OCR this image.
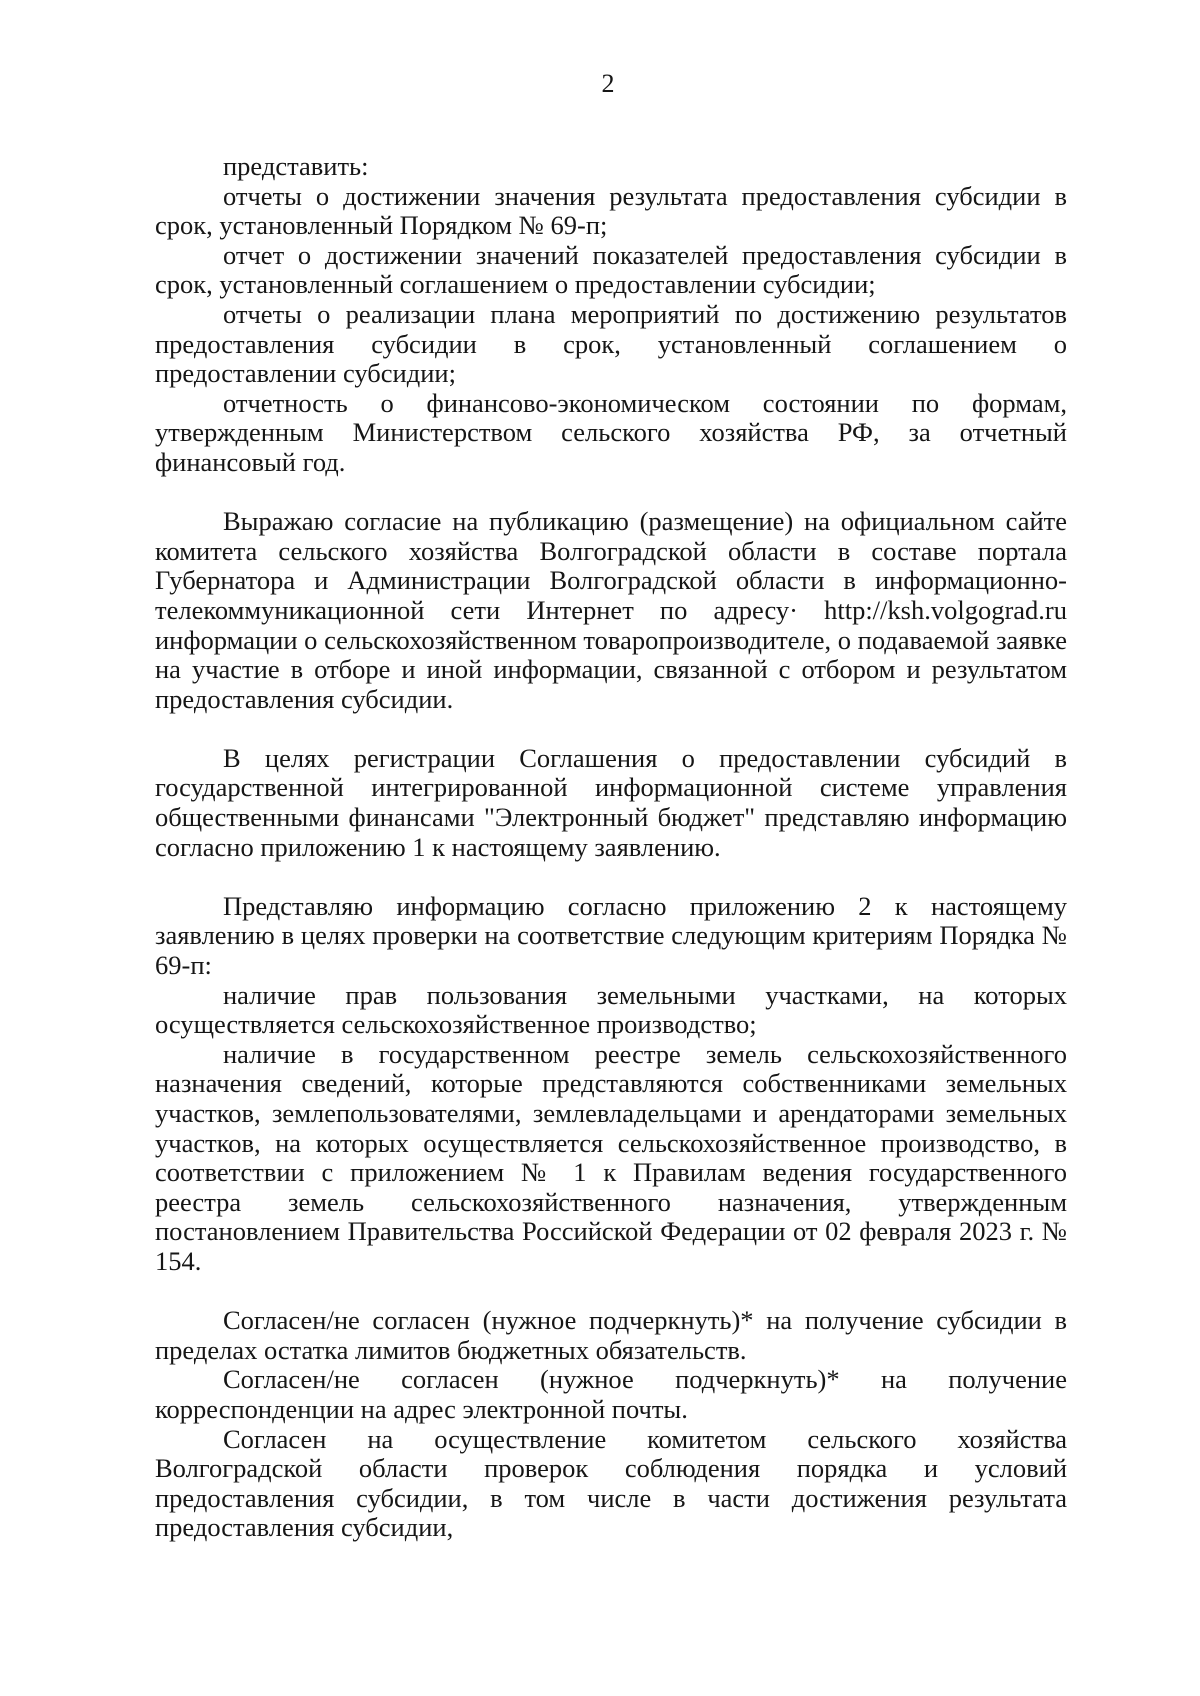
2

представить:

отчеты о достижении значения результата предоставления субсидии в срок, установленный Порядком № 69-п;

отчет о достижении значений показателей предоставления субсидии в срок, установленный соглашением о предоставлении субсидии;

отчеты о реализации плана мероприятий по достижению результатов предоставления субсидии в срок, установленный соглашением о предоставлении субсидии;

отчетность о финансово-экономическом состоянии по формам, утвержденным Министерством сельского хозяйства РФ, за отчетный финансовый год.

Выражаю согласие на публикацию (размещение) на официальном сайте комитета сельского хозяйства Волгоградской области в составе портала Губернатора и Администрации Волгоградской области в информационно-телекоммуникационной сети Интернет по адресу· http://ksh.volgograd.ru информации о сельскохозяйственном товаропроизводителе, о подаваемой заявке на участие в отборе и иной информации, связанной с отбором и результатом предоставления субсидии.

В целях регистрации Соглашения о предоставлении субсидий в государственной интегрированной информационной системе управления общественными финансами "Электронный бюджет" представляю информацию согласно приложению 1 к настоящему заявлению.

Представляю информацию согласно приложению 2 к настоящему заявлению в целях проверки на соответствие следующим критериям Порядка № 69-п:

наличие прав пользования земельными участками, на которых осуществляется сельскохозяйственное производство;

наличие в государственном реестре земель сельскохозяйственного назначения сведений, которые представляются собственниками земельных участков, землепользователями, землевладельцами и арендаторами земельных участков, на которых осуществляется сельскохозяйственное производство, в соответствии с приложением № 1 к Правилам ведения государственного реестра земель сельскохозяйственного назначения, утвержденным постановлением Правительства Российской Федерации от 02 февраля 2023 г. № 154.

Согласен/не согласен (нужное подчеркнуть)* на получение субсидии в пределах остатка лимитов бюджетных обязательств.

Согласен/не согласен (нужное подчеркнуть)* на получение корреспонденции на адрес электронной почты.

Согласен на осуществление комитетом сельского хозяйства Волгоградской области проверок соблюдения порядка и условий предоставления субсидии, в том числе в части достижения результата предоставления субсидии,
